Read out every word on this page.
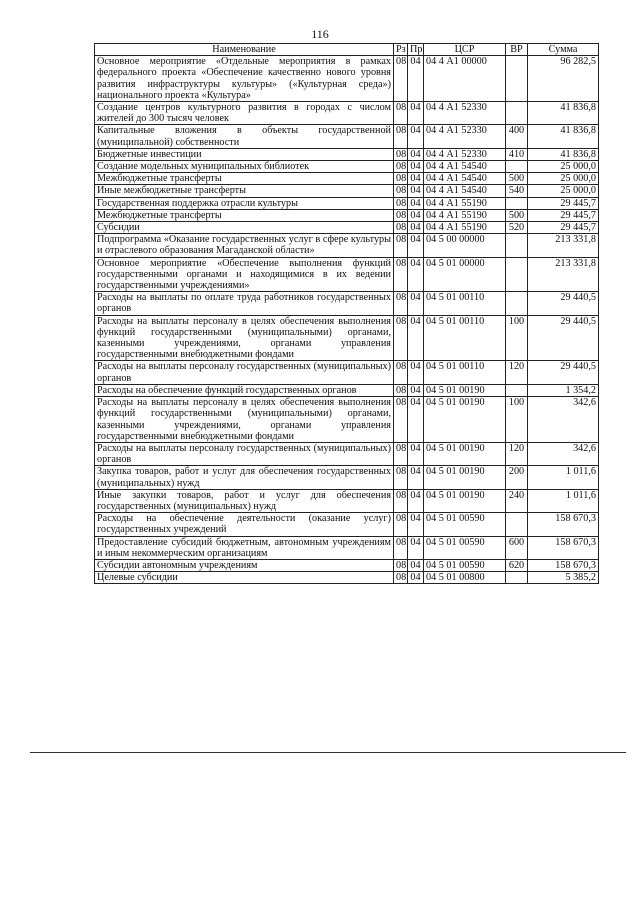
116
Наименование	Рз	Пр	ЦСР	ВР	Сумма
Основное мероприятие «Отдельные мероприятия в рамках федерального проекта «Обеспечение качественно нового уровня развития инфраструктуры культуры» («Культурная среда») национального проекта «Культура»	08	04	04 4 А1 00000		96 282,5
Создание центров культурного развития в городах с числом жителей до 300 тысяч человек	08	04	04 4 А1 52330		41 836,8
Капитальные вложения в объекты государственной (муниципальной) собственности	08	04	04 4 А1 52330	400	41 836,8
Бюджетные инвестиции	08	04	04 4 А1 52330	410	41 836,8
Создание модельных муниципальных библиотек	08	04	04 4 А1 54540		25 000,0
Межбюджетные трансферты	08	04	04 4 А1 54540	500	25 000,0
Иные межбюджетные трансферты	08	04	04 4 А1 54540	540	25 000,0
Государственная поддержка отрасли культуры	08	04	04 4 А1 55190		29 445,7
Межбюджетные трансферты	08	04	04 4 А1 55190	500	29 445,7
Субсидии	08	04	04 4 А1 55190	520	29 445,7
Подпрограмма «Оказание государственных услуг в сфере культуры и отраслевого образования Магаданской области»	08	04	04 5 00 00000		213 331,8
Основное мероприятие «Обеспечение выполнения функций государственными органами и находящимися в их ведении государственными учреждениями»	08	04	04 5 01 00000		213 331,8
Расходы на выплаты по оплате труда работников государственных органов	08	04	04 5 01 00110		29 440,5
Расходы на выплаты персоналу в целях обеспечения выполнения функций государственными (муниципальными) органами, казенными учреждениями, органами управления государственными внебюджетными фондами	08	04	04 5 01 00110	100	29 440,5
Расходы на выплаты персоналу государственных (муниципальных) органов	08	04	04 5 01 00110	120	29 440,5
Расходы на обеспечение функций государственных органов	08	04	04 5 01 00190		1 354,2
Расходы на выплаты персоналу в целях обеспечения выполнения функций государственными (муниципальными) органами, казенными учреждениями, органами управления государственными внебюджетными фондами	08	04	04 5 01 00190	100	342,6
Расходы на выплаты персоналу государственных (муниципальных) органов	08	04	04 5 01 00190	120	342,6
Закупка товаров, работ и услуг для обеспечения государственных (муниципальных) нужд	08	04	04 5 01 00190	200	1 011,6
Иные закупки товаров, работ и услуг для обеспечения государственных (муниципальных) нужд	08	04	04 5 01 00190	240	1 011,6
Расходы на обеспечение деятельности (оказание услуг) государственных учреждений	08	04	04 5 01 00590		158 670,3
Предоставление субсидий бюджетным, автономным учреждениям и иным некоммерческим организациям	08	04	04 5 01 00590	600	158 670,3
Субсидии автономным учреждениям	08	04	04 5 01 00590	620	158 670,3
Целевые субсидии	08	04	04 5 01 00800		5 385,2
